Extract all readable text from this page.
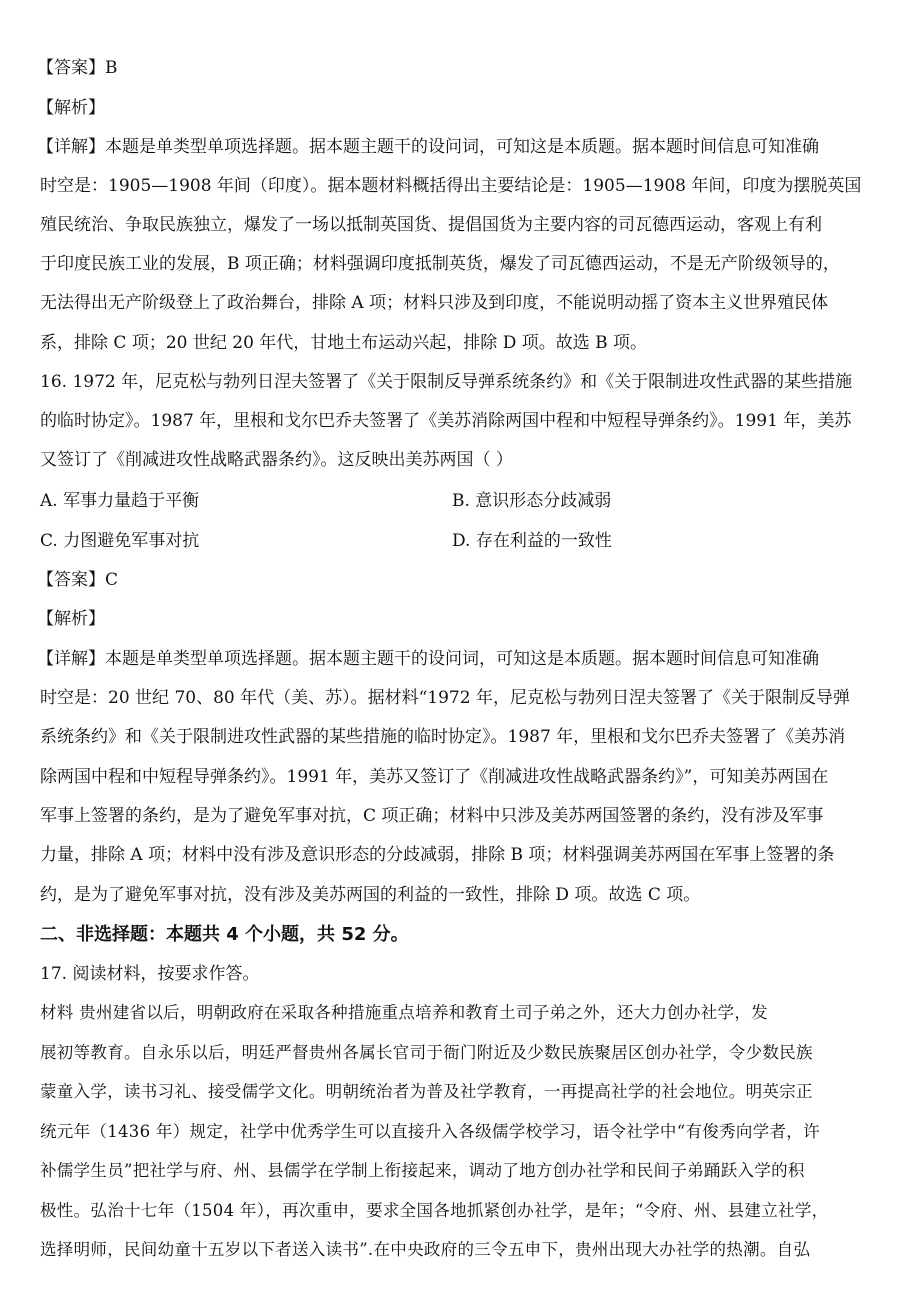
【答案】B
【解析】
【详解】本题是单类型单项选择题。据本题主题干的设问词，可知这是本质题。据本题时间信息可知准确
时空是：1905—1908 年间（印度）。据本题材料概括得出主要结论是：1905—1908 年间，印度为摆脱英国
殖民统治、争取民族独立，爆发了一场以抵制英国货、提倡国货为主要内容的司瓦德西运动，客观上有利
于印度民族工业的发展，B 项正确；材料强调印度抵制英货，爆发了司瓦德西运动，不是无产阶级领导的，
无法得出无产阶级登上了政治舞台，排除 A 项；材料只涉及到印度，不能说明动摇了资本主义世界殖民体
系，排除 C 项；20 世纪 20 年代，甘地土布运动兴起，排除 D 项。故选 B 项。
16. 1972 年，尼克松与勃列日涅夫签署了《关于限制反导弹系统条约》和《关于限制进攻性武器的某些措施
的临时协定》。1987 年，里根和戈尔巴乔夫签署了《美苏消除两国中程和中短程导弹条约》。1991 年，美苏
又签订了《削减进攻性战略武器条约》。这反映出美苏两国（ ）
A. 军事力量趋于平衡	B. 意识形态分歧减弱
C. 力图避免军事对抗	D. 存在利益的一致性
【答案】C
【解析】
【详解】本题是单类型单项选择题。据本题主题干的设问词，可知这是本质题。据本题时间信息可知准确
时空是：20 世纪 70、80 年代（美、苏）。据材料“1972 年，尼克松与勃列日涅夫签署了《关于限制反导弹
系统条约》和《关于限制进攻性武器的某些措施的临时协定》。1987 年，里根和戈尔巴乔夫签署了《美苏消
除两国中程和中短程导弹条约》。1991 年，美苏又签订了《削减进攻性战略武器条约》”，可知美苏两国在
军事上签署的条约，是为了避免军事对抗，C 项正确；材料中只涉及美苏两国签署的条约，没有涉及军事
力量，排除 A 项；材料中没有涉及意识形态的分歧减弱，排除 B 项；材料强调美苏两国在军事上签署的条
约，是为了避免军事对抗，没有涉及美苏两国的利益的一致性，排除 D 项。故选 C 项。
二、非选择题：本题共 4 个小题，共 52 分。
17. 阅读材料，按要求作答。
材料 贵州建省以后，明朝政府在采取各种措施重点培养和教育土司子弟之外，还大力创办社学，发
展初等教育。自永乐以后，明廷严督贵州各属长官司于衙门附近及少数民族聚居区创办社学，令少数民族
蒙童入学，读书习礼、接受儒学文化。明朝统治者为普及社学教育，一再提高社学的社会地位。明英宗正
统元年（1436 年）规定，社学中优秀学生可以直接升入各级儒学校学习，语令社学中“有俊秀向学者，许
补儒学生员”把社学与府、州、县儒学在学制上衔接起来，调动了地方创办社学和民间子弟踊跃入学的积
极性。弘治十七年（1504 年），再次重申，要求全国各地抓紧创办社学，是年；“令府、州、县建立社学，
选择明师，民间幼童十五岁以下者送入读书”.在中央政府的三令五申下，贵州出现大办社学的热潮。自弘
